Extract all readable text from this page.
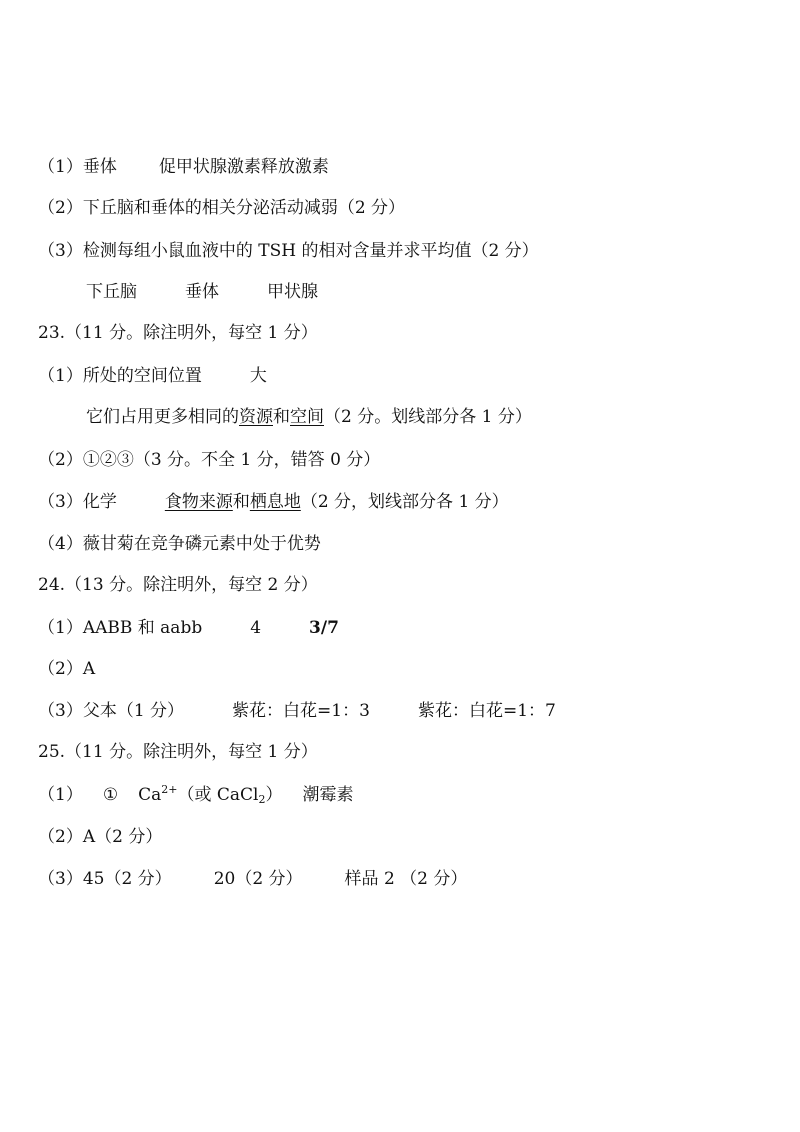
（1）垂体 促甲状腺激素释放激素
（2）下丘脑和垂体的相关分泌活动减弱（2 分）
（3）检测每组小鼠血液中的 TSH 的相对含量并求平均值（2 分）
下丘脑	垂体	甲状腺
23.（11 分。除注明外，每空 1 分）
（1）所处的空间位置	大
它们占用更多相同的资源和空间（2 分。划线部分各 1 分）
（2）①②③（3 分。不全 1 分，错答 0 分）
（3）化学	食物来源和栖息地（2 分，划线部分各 1 分）
（4）薇甘菊在竞争磷元素中处于优势
24.（13 分。除注明外，每空 2 分）
（1）AABB 和 aabb	4	3/7
（2）A
（3）父本（1 分）	紫花：白花=1：3	紫花：白花=1：7
25.（11 分。除注明外，每空 1 分）
（1） ① $Ca^{2+}$（或 CaCl$_2$） 潮霉素
（2）A（2 分）
（3）45（2 分） 20（2 分） 样品 2 （2 分）
